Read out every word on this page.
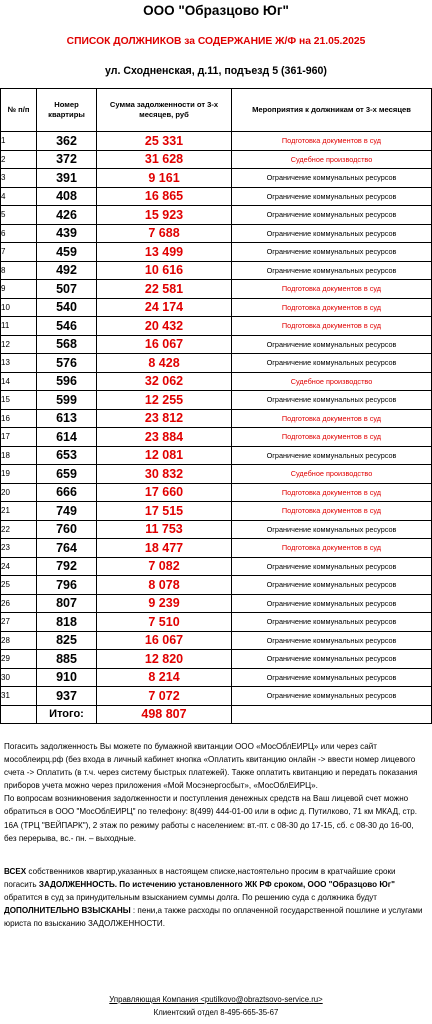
ООО "Образцово Юг"
СПИСОК ДОЛЖНИКОВ за СОДЕРЖАНИЕ Ж/Ф на 21.05.2025
ул. Сходненская, д.11, подъезд 5 (361-960)
№ п/п	Номер квартиры	Сумма задолженности от 3-х месяцев, руб	Мероприятия к должникам от 3-х месяцев
1	362	25 331	Подготовка документов в суд
2	372	31 628	Судебное производство
3	391	9 161	Ограничение коммунальных ресурсов
4	408	16 865	Ограничение коммунальных ресурсов
5	426	15 923	Ограничение коммунальных ресурсов
6	439	7 688	Ограничение коммунальных ресурсов
7	459	13 499	Ограничение коммунальных ресурсов
8	492	10 616	Ограничение коммунальных ресурсов
9	507	22 581	Подготовка документов в суд
10	540	24 174	Подготовка документов в суд
11	546	20 432	Подготовка документов в суд
12	568	16 067	Ограничение коммунальных ресурсов
13	576	8 428	Ограничение коммунальных ресурсов
14	596	32 062	Судебное производство
15	599	12 255	Ограничение коммунальных ресурсов
16	613	23 812	Подготовка документов в суд
17	614	23 884	Подготовка документов в суд
18	653	12 081	Ограничение коммунальных ресурсов
19	659	30 832	Судебное производство
20	666	17 660	Подготовка документов в суд
21	749	17 515	Подготовка документов в суд
22	760	11 753	Ограничение коммунальных ресурсов
23	764	18 477	Подготовка документов в суд
24	792	7 082	Ограничение коммунальных ресурсов
25	796	8 078	Ограничение коммунальных ресурсов
26	807	9 239	Ограничение коммунальных ресурсов
27	818	7 510	Ограничение коммунальных ресурсов
28	825	16 067	Ограничение коммунальных ресурсов
29	885	12 820	Ограничение коммунальных ресурсов
30	910	8 214	Ограничение коммунальных ресурсов
31	937	7 072	Ограничение коммунальных ресурсов
	Итого:	498 807	

Погасить задолженность Вы можете по бумажной квитанции ООО «МосОблЕИРЦ» или через сайт мособлеирц.рф (без входа в личный кабинет кнопка «Оплатить квитанцию онлайн -> ввести номер лицевого счета -> Оплатить (в т.ч. через систему быстрых платежей). Также оплатить квитанцию и передать показания приборов учета можно через приложения «Мой Мосэнергосбыт», «МосОблЕИРЦ».

По вопросам возникновения задолженности и поступления денежных средств на Ваш лицевой счет можно обратиться в ООО "МосОблЕИРЦ" по телефону: 8(499) 444-01-00 или в офис д. Путилково, 71 км МКАД, стр. 16А (ТРЦ "ВЕЙПАРК"), 2 этаж по режиму работы с населением: вт.-пт. с 08-30 до 17-15, сб. с 08-30 до 16-00, без перерыва, вс.- пн. – выходные.

ВСЕХ собственников квартир,указанных в настоящем списке,настоятельно просим в кратчайшие сроки погасить ЗАДОЛЖЕННОСТЬ. По истечению установленного ЖК РФ сроком, ООО "Образцово Юг" обратится в суд за принудительным взысканием суммы долга. По решению суда с должника будут ДОПОЛНИТЕЛЬНО ВЗЫСКАНЫ : пени,а также расходы по оплаченной государственной пошлине и услугами юриста по взысканию ЗАДОЛЖЕННОСТИ.
Управляющая Компания <putilkovo@obraztsovo-service.ru>
Клиентский отдел 8-495-665-35-67
